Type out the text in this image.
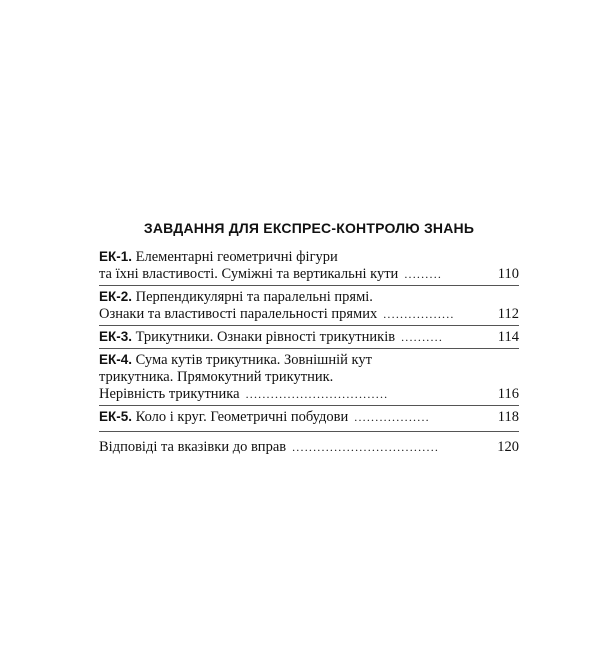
ЗАВДАННЯ ДЛЯ ЕКСПРЕС-КОНТРОЛЮ ЗНАНЬ
ЕК-1. Елементарні геометричні фігури
та їхні властивості. Суміжні та вертикальні кути .........	110
ЕК-2. Перпендикулярні та паралельні прямі.
Ознаки та властивості паралельності прямих .................	112
ЕК-3. Трикутники. Ознаки рівності трикутників ..........	114
ЕК-4. Сума кутів трикутника. Зовнішній кут
трикутника. Прямокутний трикутник.
Нерівність трикутника ..................................	116
ЕК-5. Коло і круг. Геометричні побудови ..................	118
Відповіді та вказівки до вправ ...................................	120
